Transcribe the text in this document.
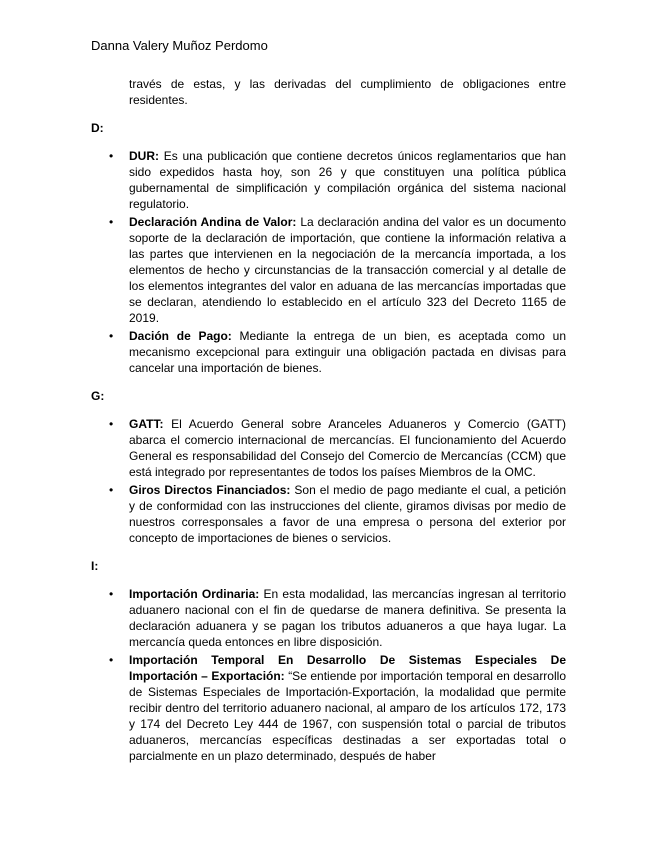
Danna Valery Muñoz Perdomo

través de estas, y las derivadas del cumplimiento de obligaciones entre residentes.

D:
• DUR: Es una publicación que contiene decretos únicos reglamentarios que han sido expedidos hasta hoy, son 26 y que constituyen una política pública gubernamental de simplificación y compilación orgánica del sistema nacional regulatorio.
• Declaración Andina de Valor: La declaración andina del valor es un documento soporte de la declaración de importación, que contiene la información relativa a las partes que intervienen en la negociación de la mercancía importada, a los elementos de hecho y circunstancias de la transacción comercial y al detalle de los elementos integrantes del valor en aduana de las mercancías importadas que se declaran, atendiendo lo establecido en el artículo 323 del Decreto 1165 de 2019.
• Dación de Pago: Mediante la entrega de un bien, es aceptada como un mecanismo excepcional para extinguir una obligación pactada en divisas para cancelar una importación de bienes.
G:
• GATT: El Acuerdo General sobre Aranceles Aduaneros y Comercio (GATT) abarca el comercio internacional de mercancías. El funcionamiento del Acuerdo General es responsabilidad del Consejo del Comercio de Mercancías (CCM) que está integrado por representantes de todos los países Miembros de la OMC.
• Giros Directos Financiados: Son el medio de pago mediante el cual, a petición y de conformidad con las instrucciones del cliente, giramos divisas por medio de nuestros corresponsales a favor de una empresa o persona del exterior por concepto de importaciones de bienes o servicios.
I:
• Importación Ordinaria: En esta modalidad, las mercancías ingresan al territorio aduanero nacional con el fin de quedarse de manera definitiva. Se presenta la declaración aduanera y se pagan los tributos aduaneros a que haya lugar. La mercancía queda entonces en libre disposición.
• Importación Temporal En Desarrollo De Sistemas Especiales De Importación – Exportación: “Se entiende por importación temporal en desarrollo de Sistemas Especiales de Importación-Exportación, la modalidad que permite recibir dentro del territorio aduanero nacional, al amparo de los artículos 172, 173 y 174 del Decreto Ley 444 de 1967, con suspensión total o parcial de tributos aduaneros, mercancías específicas destinadas a ser exportadas total o parcialmente en un plazo determinado, después de haber
